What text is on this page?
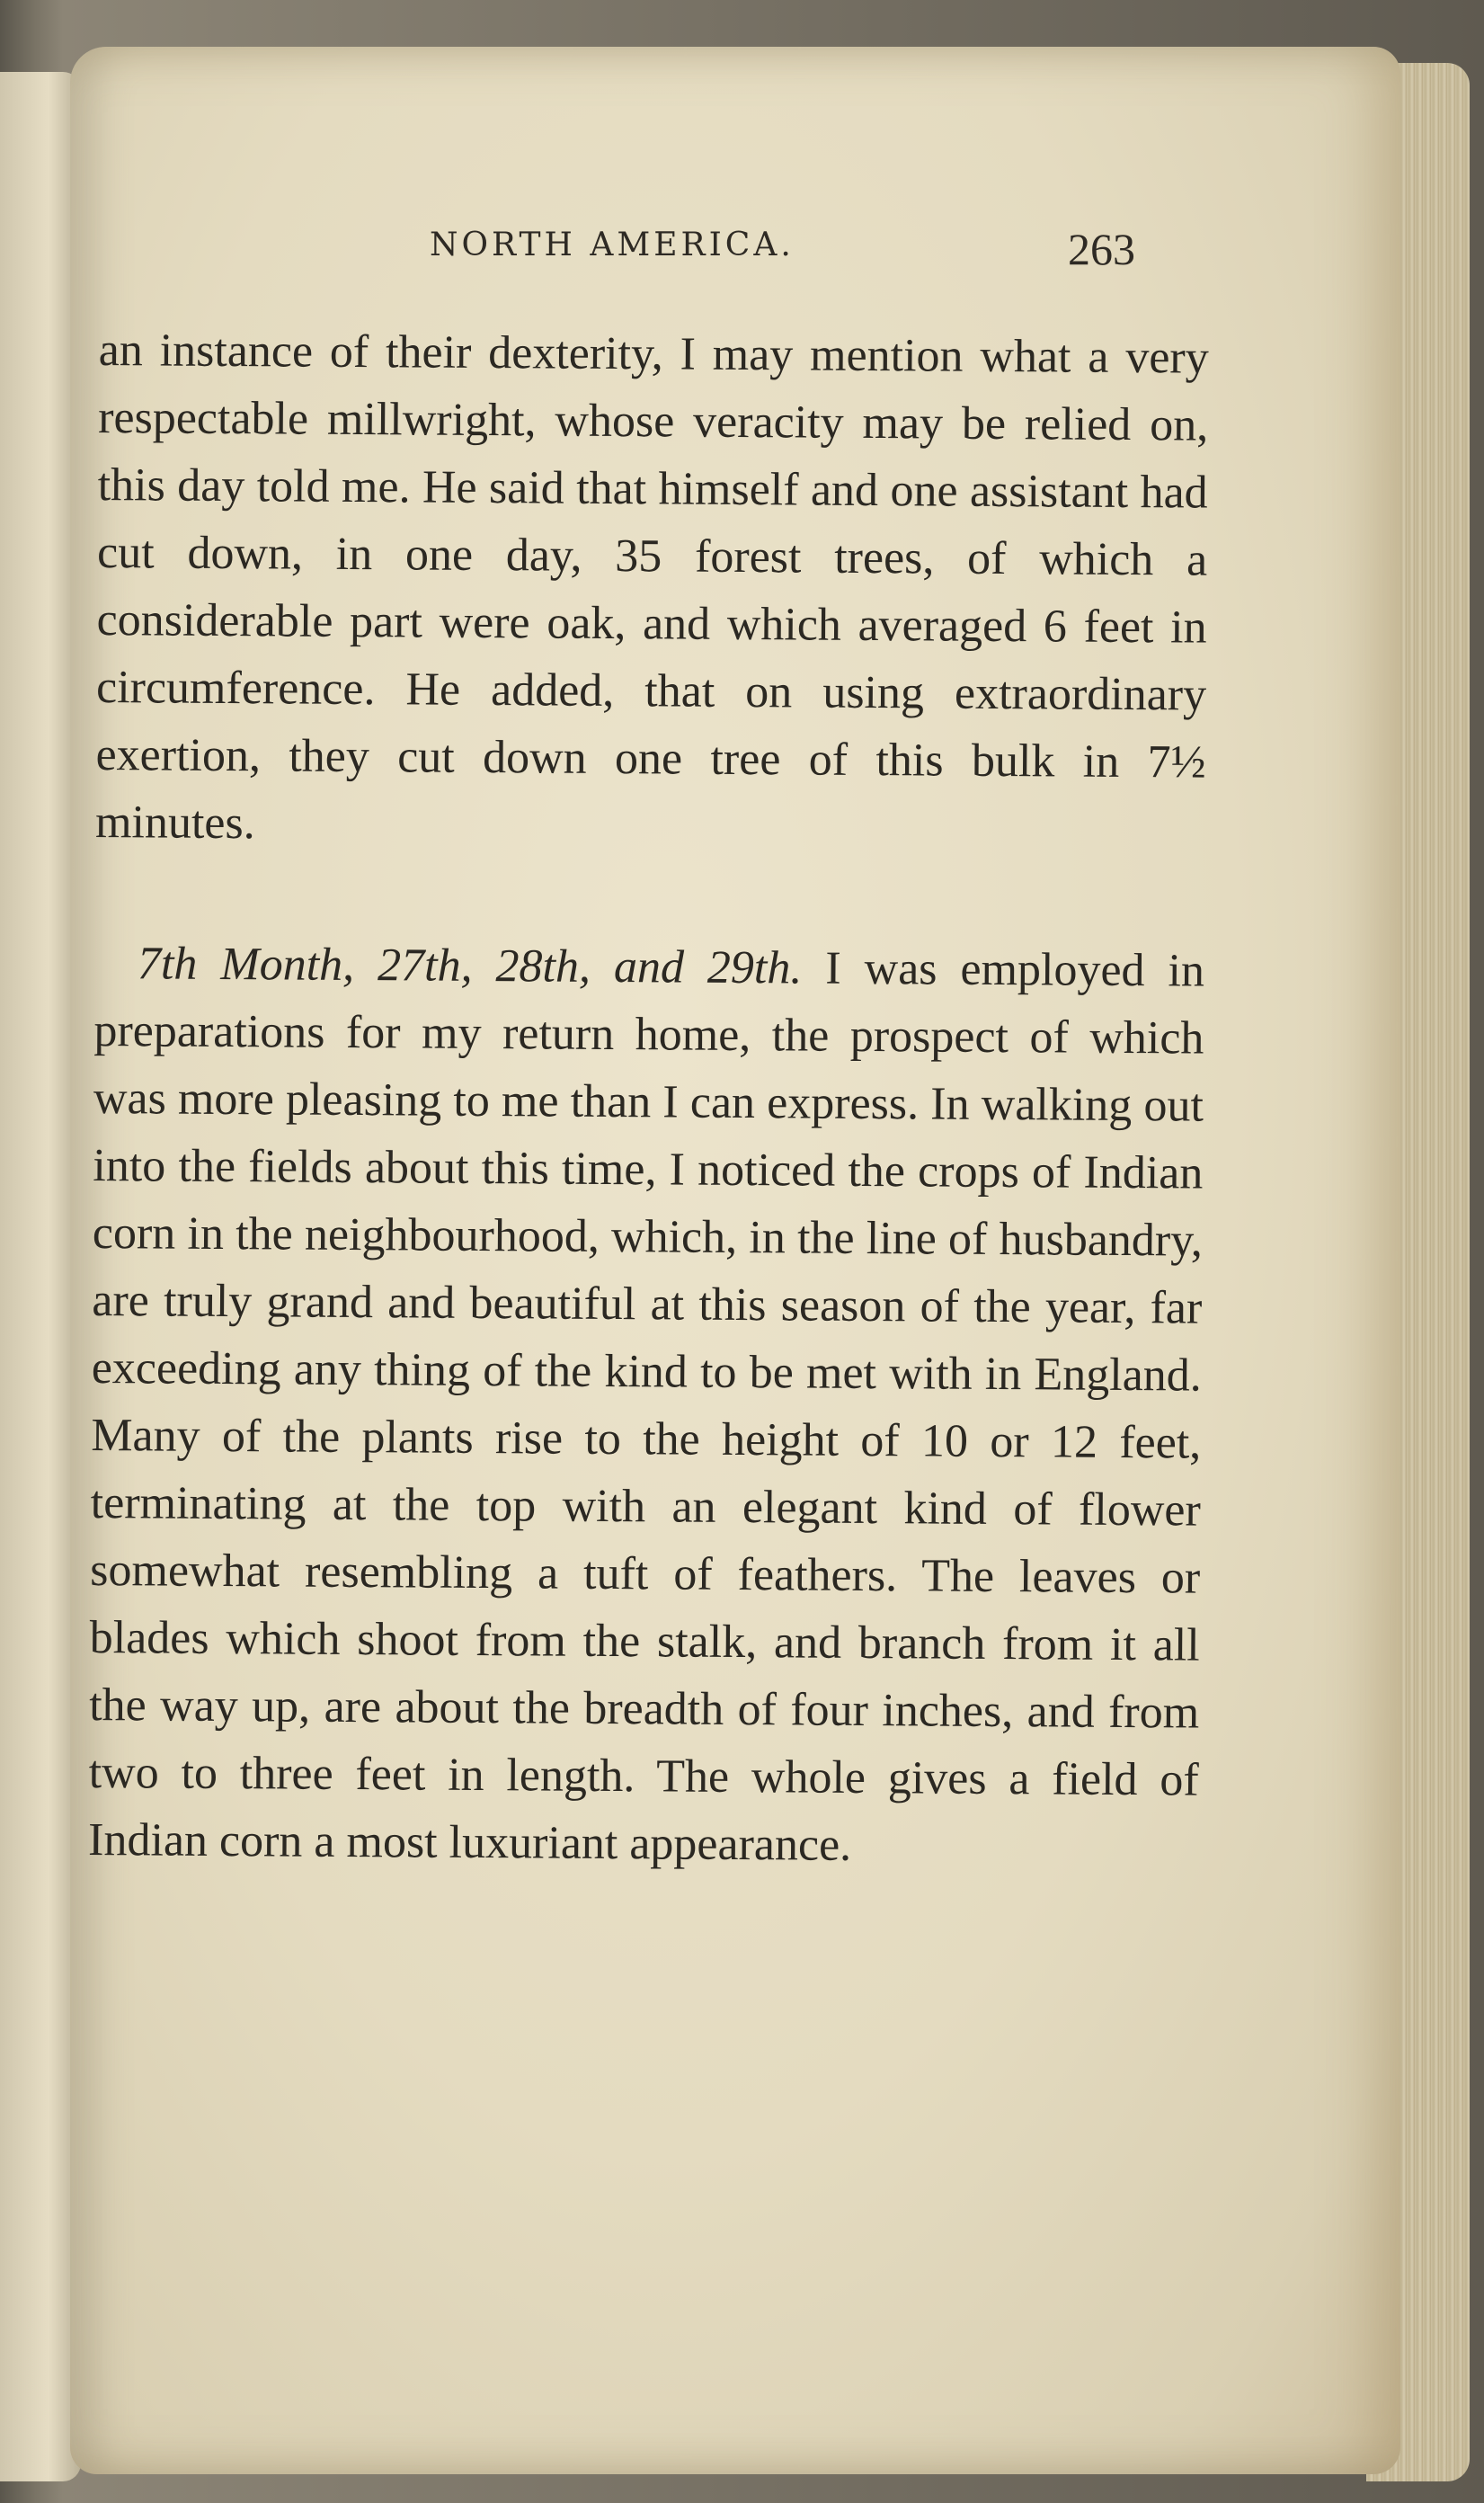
NORTH AMERICA.	263

an instance of their dexterity, I may mention what a very respectable millwright, whose veracity may be relied on, this day told me. He said that himself and one assistant had cut down, in one day, 35 forest trees, of which a considerable part were oak, and which averaged 6 feet in circumference. He added, that on using extraordinary exertion, they cut down one tree of this bulk in 7½ minutes.

7th Month, 27th, 28th, and 29th. I was employed in preparations for my return home, the prospect of which was more pleasing to me than I can express. In walking out into the fields about this time, I noticed the crops of Indian corn in the neighbourhood, which, in the line of husbandry, are truly grand and beautiful at this season of the year, far exceeding any thing of the kind to be met with in England. Many of the plants rise to the height of 10 or 12 feet, terminating at the top with an elegant kind of flower somewhat resembling a tuft of feathers. The leaves or blades which shoot from the stalk, and branch from it all the way up, are about the breadth of four inches, and from two to three feet in length. The whole gives a field of Indian corn a most luxuriant appearance.
